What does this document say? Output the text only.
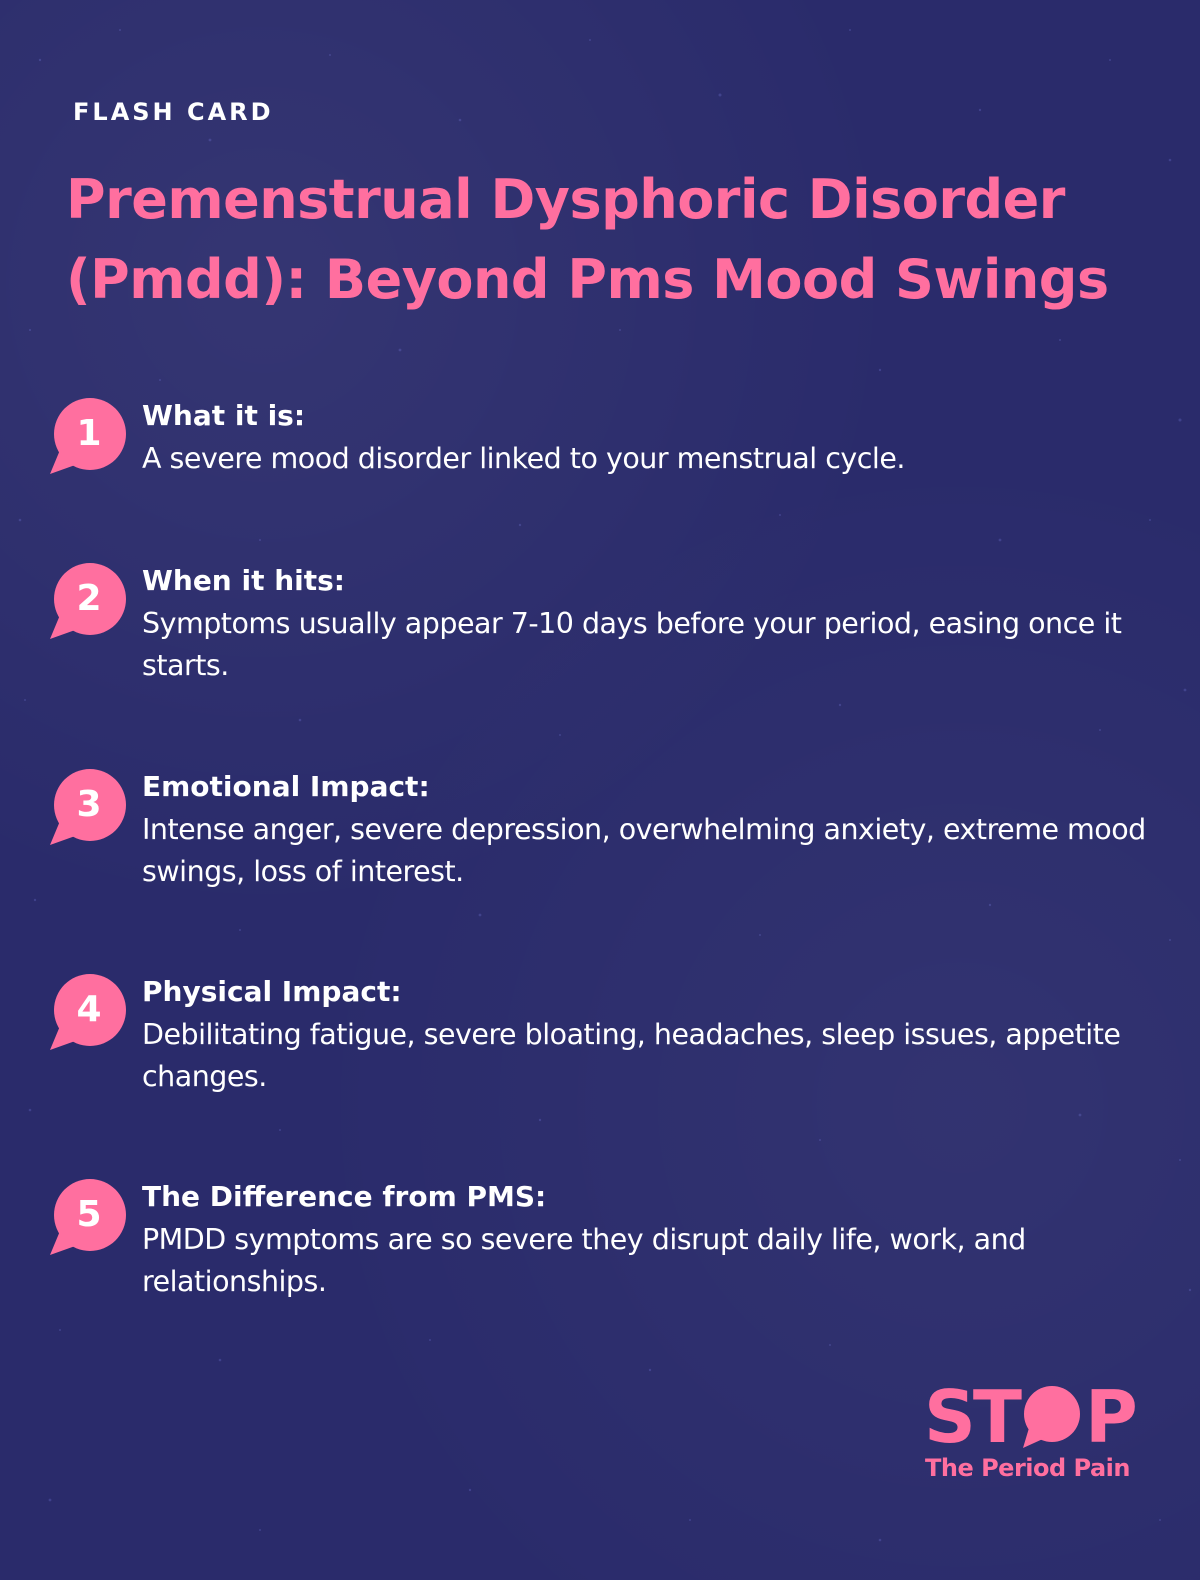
FLASH CARD

Premenstrual Dysphoric Disorder (Pmdd): Beyond Pms Mood Swings
1	What it is:

A severe mood disorder linked to your menstrual cycle.

2	When it hits:

Symptoms usually appear 7-10 days before your period, easing once it starts.

3	Emotional Impact:

Intense anger, severe depression, overwhelming anxiety, extreme mood swings, loss of interest.

4	Physical Impact:

Debilitating fatigue, severe bloating, headaches, sleep issues, appetite changes.

5	The Difference from PMS:

PMDD symptoms are so severe they disrupt daily life, work, and relationships.

ST P

The Period Pain
